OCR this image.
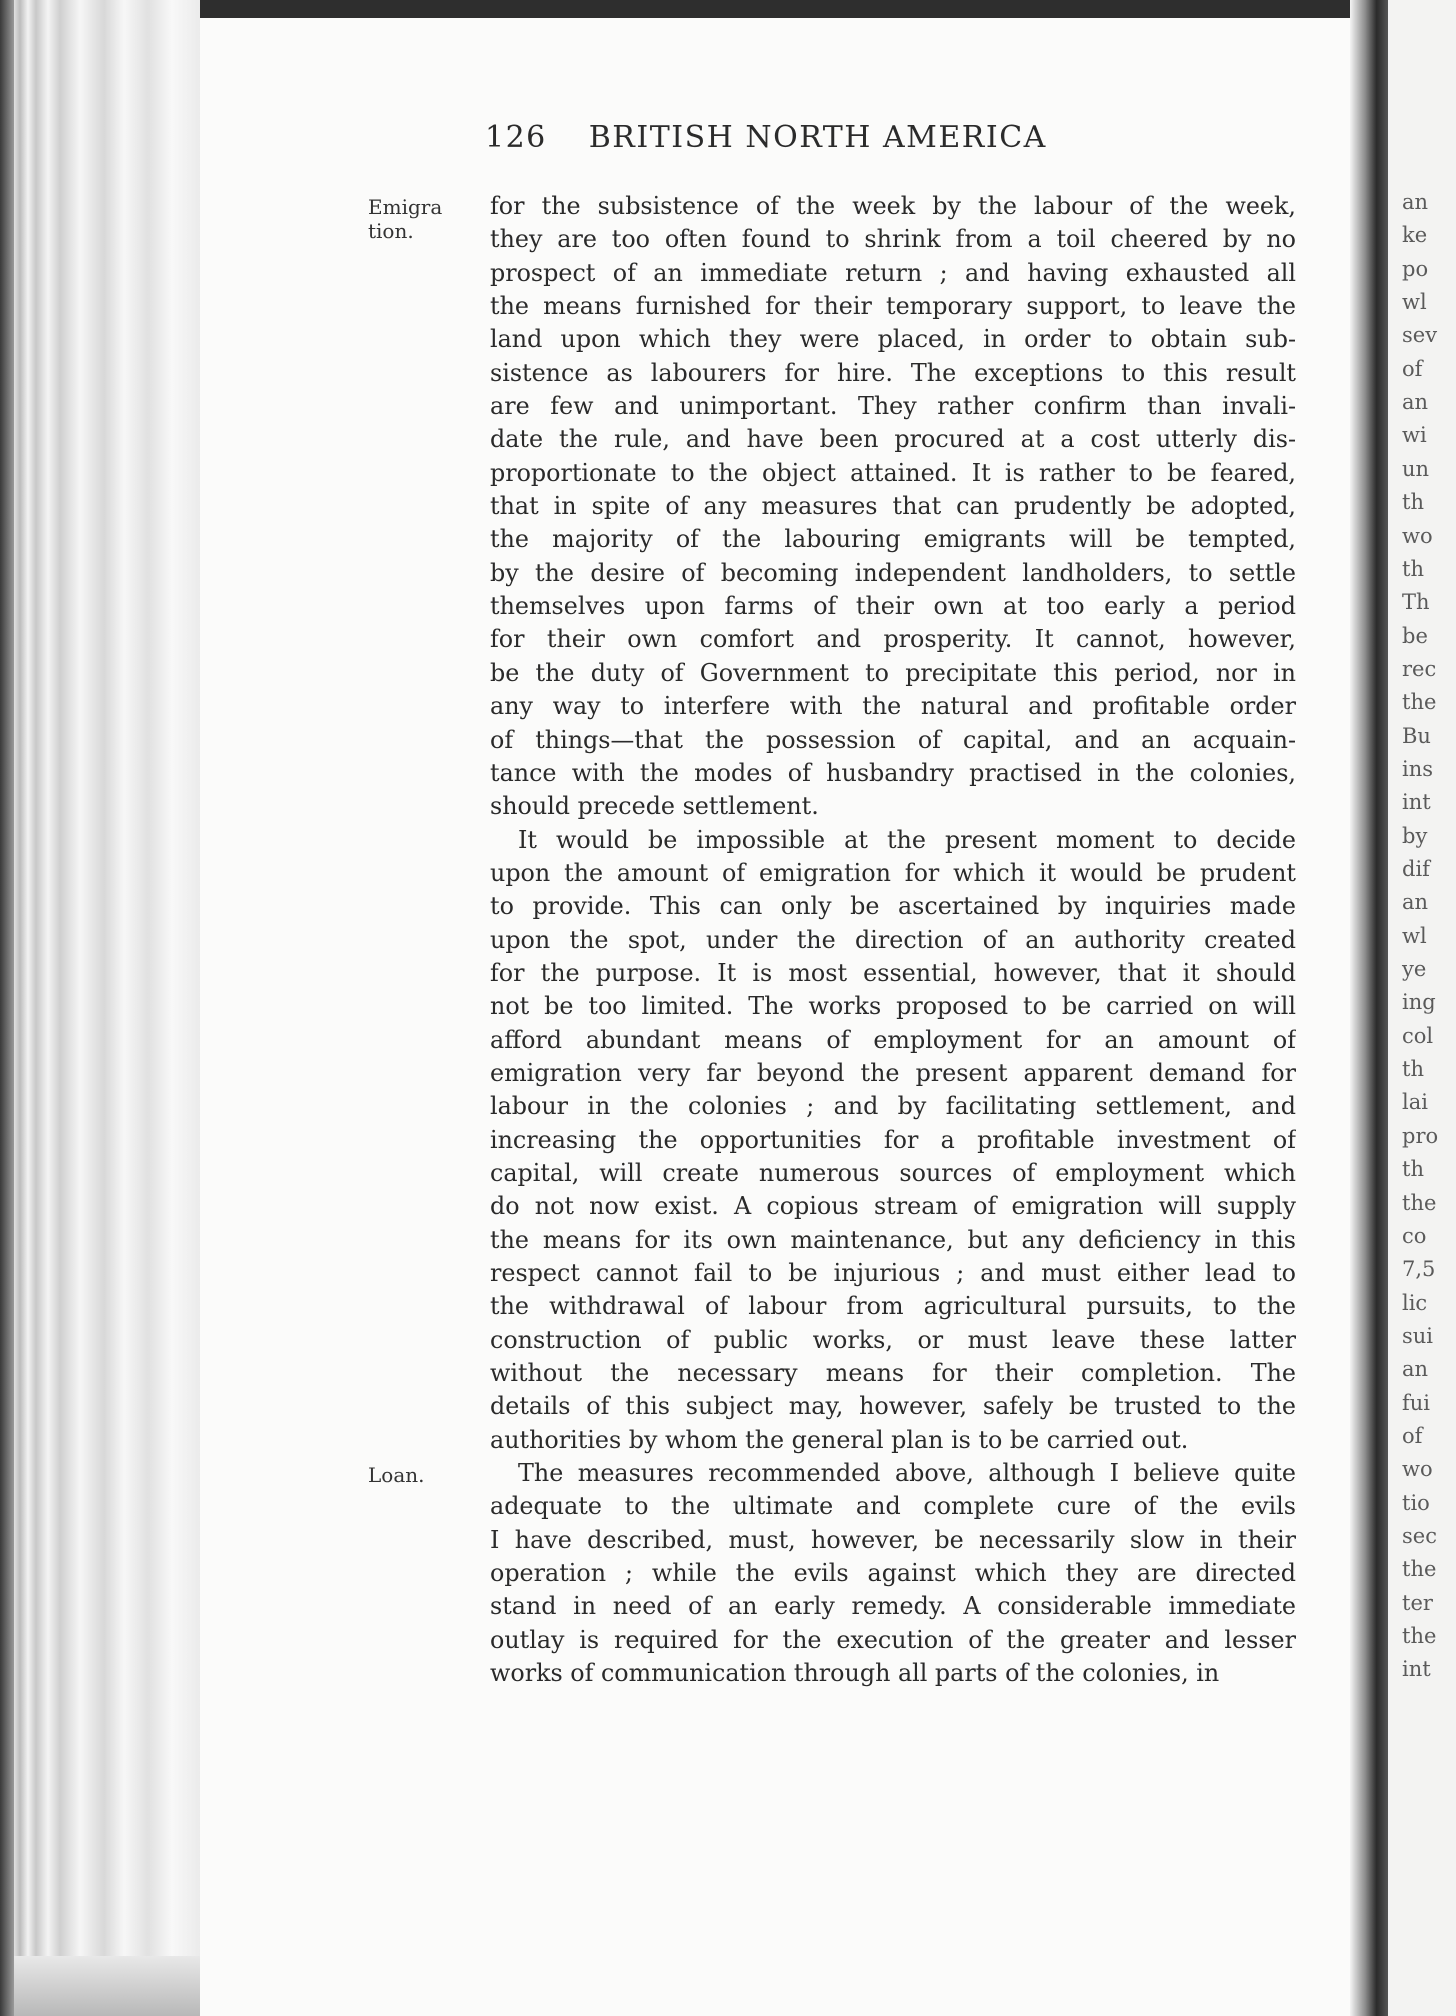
126 BRITISH NORTH AMERICA
Emigra
tion.
Loan.
for the subsistence of the week by the labour of the week,
they are too often found to shrink from a toil cheered by no
prospect of an immediate return ; and having exhausted all
the means furnished for their temporary support, to leave the
land upon which they were placed, in order to obtain sub-
sistence as labourers for hire. The exceptions to this result
are few and unimportant. They rather confirm than invali-
date the rule, and have been procured at a cost utterly dis-
proportionate to the object attained. It is rather to be feared,
that in spite of any measures that can prudently be adopted,
the majority of the labouring emigrants will be tempted,
by the desire of becoming independent landholders, to settle
themselves upon farms of their own at too early a period
for their own comfort and prosperity. It cannot, however,
be the duty of Government to precipitate this period, nor in
any way to interfere with the natural and profitable order
of things—that the possession of capital, and an acquain-
tance with the modes of husbandry practised in the colonies,
should precede settlement.
It would be impossible at the present moment to decide
upon the amount of emigration for which it would be prudent
to provide. This can only be ascertained by inquiries made
upon the spot, under the direction of an authority created
for the purpose. It is most essential, however, that it should
not be too limited. The works proposed to be carried on will
afford abundant means of employment for an amount of
emigration very far beyond the present apparent demand for
labour in the colonies ; and by facilitating settlement, and
increasing the opportunities for a profitable investment of
capital, will create numerous sources of employment which
do not now exist. A copious stream of emigration will supply
the means for its own maintenance, but any deficiency in this
respect cannot fail to be injurious ; and must either lead to
the withdrawal of labour from agricultural pursuits, to the
construction of public works, or must leave these latter
without the necessary means for their completion. The
details of this subject may, however, safely be trusted to the
authorities by whom the general plan is to be carried out.
The measures recommended above, although I believe quite
adequate to the ultimate and complete cure of the evils
I have described, must, however, be necessarily slow in their
operation ; while the evils against which they are directed
stand in need of an early remedy. A considerable immediate
outlay is required for the execution of the greater and lesser
works of communication through all parts of the colonies, in
an
ke
po
wl
sev
of
an
wi
un
th
wo
th
Th
be
rec
the
Bu
ins
int
by
dif
an
wl
ye
ing
col
th
lai
pro
th
the
co
7,5
lic
sui
an
fui
of
wo
tio
sec
the
ter
the
int
